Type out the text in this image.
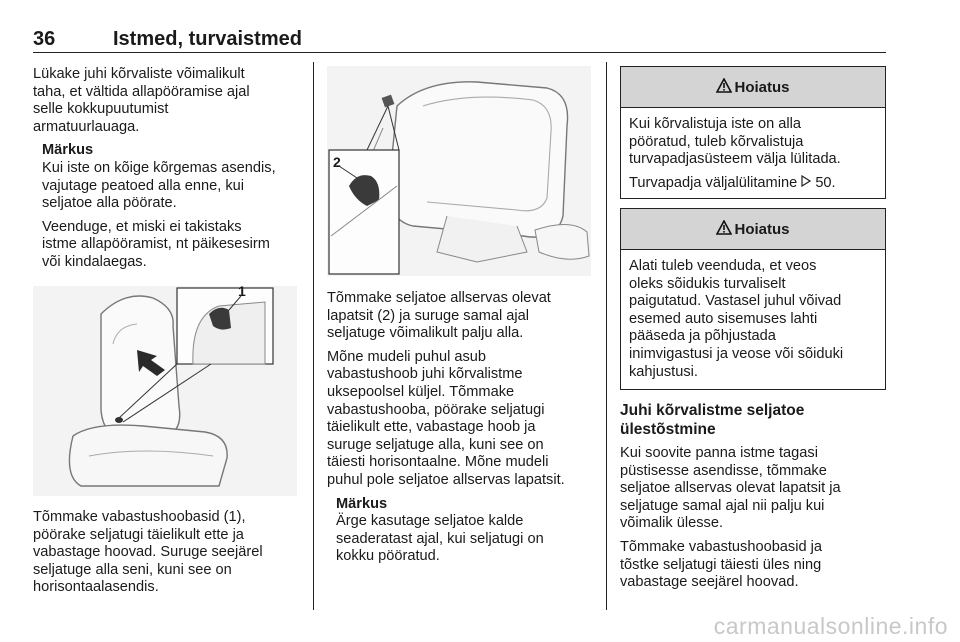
36	Istmed, turvaistmed

Lükake juhi kõrvaliste võimalikult

taha, et vältida allapööramise ajal

selle kokkupuutumist

armatuurlauaga.

Märkus

Kui iste on kõige kõrgemas asendis,

vajutage peatoed alla enne, kui

seljatoe alla pöörate.

Veenduge, et miski ei takistaks

istme allapööramist, nt päikesesirm

või kindalaegas.

1

Tõmmake vabastushoobasid (1),

pöörake seljatugi täielikult ette ja

vabastage hoovad. Suruge seejärel

seljatuge alla seni, kuni see on

horisontaalasendis.

2

Tõmmake seljatoe allservas olevat

lapatsit (2) ja suruge samal ajal

seljatuge võimalikult palju alla.

Mõne mudeli puhul asub

vabastushoob juhi kõrvalistme

uksepoolsel küljel. Tõmmake

vabastushooba, pöörake seljatugi

täielikult ette, vabastage hoob ja

suruge seljatuge alla, kuni see on

täiesti horisontaalne. Mõne mudeli

puhul pole seljatoe allservas lapatsit.

Märkus

Ärge kasutage seljatoe kalde

seaderatast ajal, kui seljatugi on

kokku pööratud.

Hoiatus

Kui kõrvalistuja iste on alla

pööratud, tuleb kõrvalistuja

turvapadjasüsteem välja lülitada.

Turvapadja väljalülitamine 50.

Hoiatus

Alati tuleb veenduda, et veos

oleks sõidukis turvaliselt

paigutatud. Vastasel juhul võivad

esemed auto sisemuses lahti

pääseda ja põhjustada

inimvigastusi ja veose või sõiduki

kahjustusi.

Juhi kõrvalistme seljatoe

ülestõstmine

Kui soovite panna istme tagasi

püstisesse asendisse, tõmmake

seljatoe allservas olevat lapatsit ja

seljatuge samal ajal nii palju kui

võimalik ülesse.

Tõmmake vabastushoobasid ja

tõstke seljatugi täiesti üles ning

vabastage seejärel hoovad.

carmanualsonline.info
